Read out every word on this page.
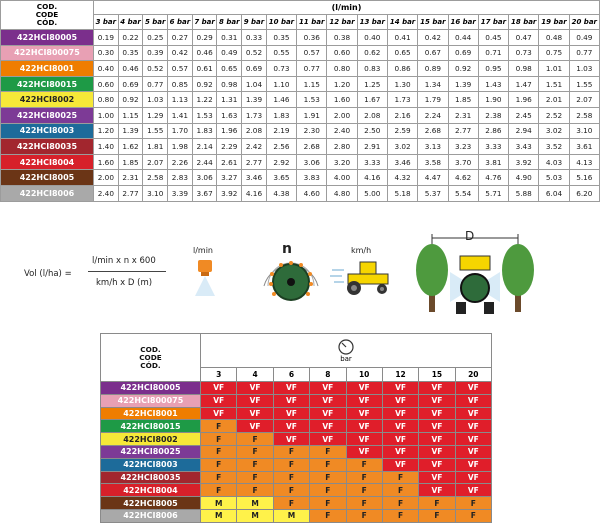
COD.
CODE
CÓD.	(l/min)																	
	3 bar	4 bar	5 bar	6 bar	7 bar	8 bar	9 bar	10 bar	11 bar	12 bar	13 bar	14 bar	15 bar	16 bar	17 bar	18 bar	19 bar	20 bar
422HCI80005	0.19	0.22	0.25	0.27	0.29	0.31	0.33	0.35	0.36	0.38	0.40	0.41	0.42	0.44	0.45	0.47	0.48	0.49
422HCI800075	0.30	0.35	0.39	0.42	0.46	0.49	0.52	0.55	0.57	0.60	0.62	0.65	0.67	0.69	0.71	0.73	0.75	0.77
422HCI8001	0.40	0.46	0.52	0.57	0.61	0.65	0.69	0.73	0.77	0.80	0.83	0.86	0.89	0.92	0.95	0.98	1.01	1.03
422HCI80015	0.60	0.69	0.77	0.85	0.92	0.98	1.04	1.10	1.15	1.20	1.25	1.30	1.34	1.39	1.43	1.47	1.51	1.55
422HCI8002	0.80	0.92	1.03	1.13	1.22	1.31	1.39	1.46	1.53	1.60	1.67	1.73	1.79	1.85	1.90	1.96	2.01	2.07
422HCI80025	1.00	1.15	1.29	1.41	1.53	1.63	1.73	1.83	1.91	2.00	2.08	2.16	2.24	2.31	2.38	2.45	2.52	2.58
422HCI8003	1.20	1.39	1.55	1.70	1.83	1.96	2.08	2.19	2.30	2.40	2.50	2.59	2.68	2.77	2.86	2.94	3.02	3.10
422HCI80035	1.40	1.62	1.81	1.98	2.14	2.29	2.42	2.56	2.68	2.80	2.91	3.02	3.13	3.23	3.33	3.43	3.52	3.61
422HCI8004	1.60	1.85	2.07	2.26	2.44	2.61	2.77	2.92	3.06	3.20	3.33	3.46	3.58	3.70	3.81	3.92	4.03	4.13
422HCI8005	2.00	2.31	2.58	2.83	3.06	3.27	3.46	3.65	3.83	4.00	4.16	4.32	4.47	4.62	4.76	4.90	5.03	5.16
422HCI8006	2.40	2.77	3.10	3.39	3.67	3.92	4.16	4.38	4.60	4.80	5.00	5.18	5.37	5.54	5.71	5.88	6.04	6.20
Vol (l/ha) =
l/min x n x 600
km/h x D (m)
l/min	n	km/h
D
COD.
CODE
CÓD.	bar							

	3	4	6	8	10	12	15	20
422HCI80005	VF	VF	VF	VF	VF	VF	VF	VF
422HCI800075	VF	VF	VF	VF	VF	VF	VF	VF
422HCI8001	VF	VF	VF	VF	VF	VF	VF	VF
422HCI80015	F	VF	VF	VF	VF	VF	VF	VF
422HCI8002	F	F	VF	VF	VF	VF	VF	VF
422HCI80025	F	F	F	F	VF	VF	VF	VF
422HCI8003	F	F	F	F	F	VF	VF	VF
422HCI80035	F	F	F	F	F	F	VF	VF
422HCI8004	F	F	F	F	F	F	VF	VF
422HCI8005	M	M	F	F	F	F	F	F
422HCI8006	M	M	M	F	F	F	F	F
